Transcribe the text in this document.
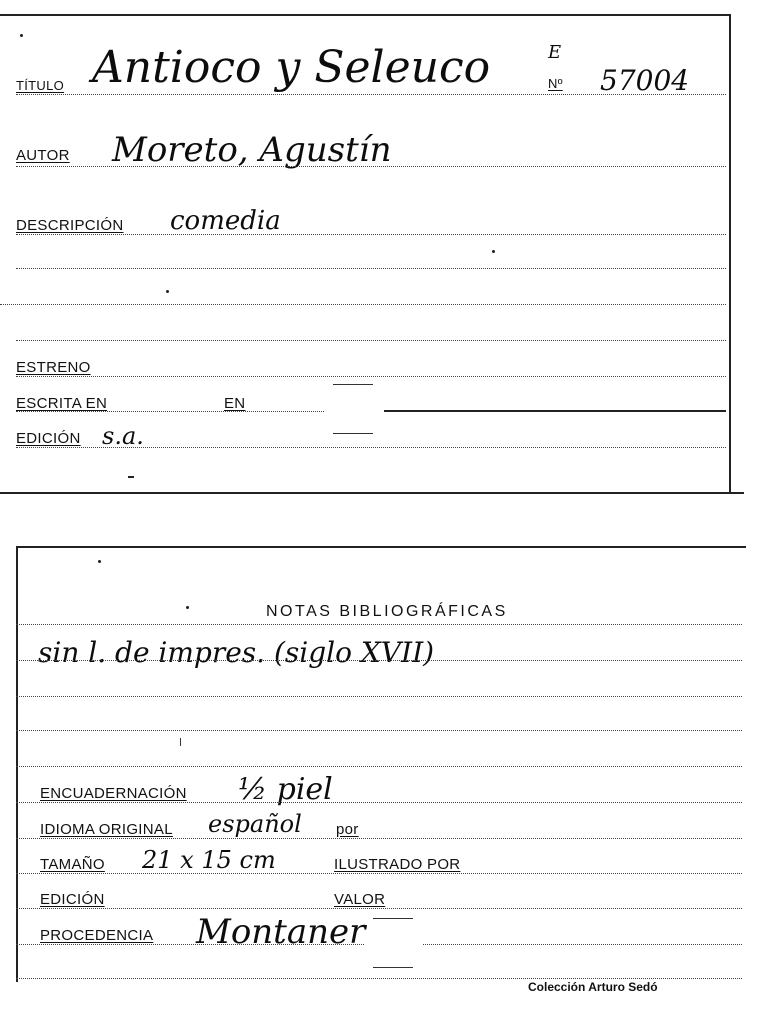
TÍTULO Antioco y Seleuco	E
Nº 57004
AUTOR Moreto, Agustín
DESCRIPCIÓN comedia
ESTRENO
ESCRITA EN	EN
EDICIÓN s.a.
NOTAS BIBLIOGRÁFICAS
sin l. de impres. (siglo XVII)
ENCUADERNACIÓN ½ piel
IDIOMA ORIGINAL español por
TAMAÑO 21 x 15 cm	ILUSTRADO POR
EDICIÓN	VALOR
PROCEDENCIA Montaner
Colección Arturo Sedó
